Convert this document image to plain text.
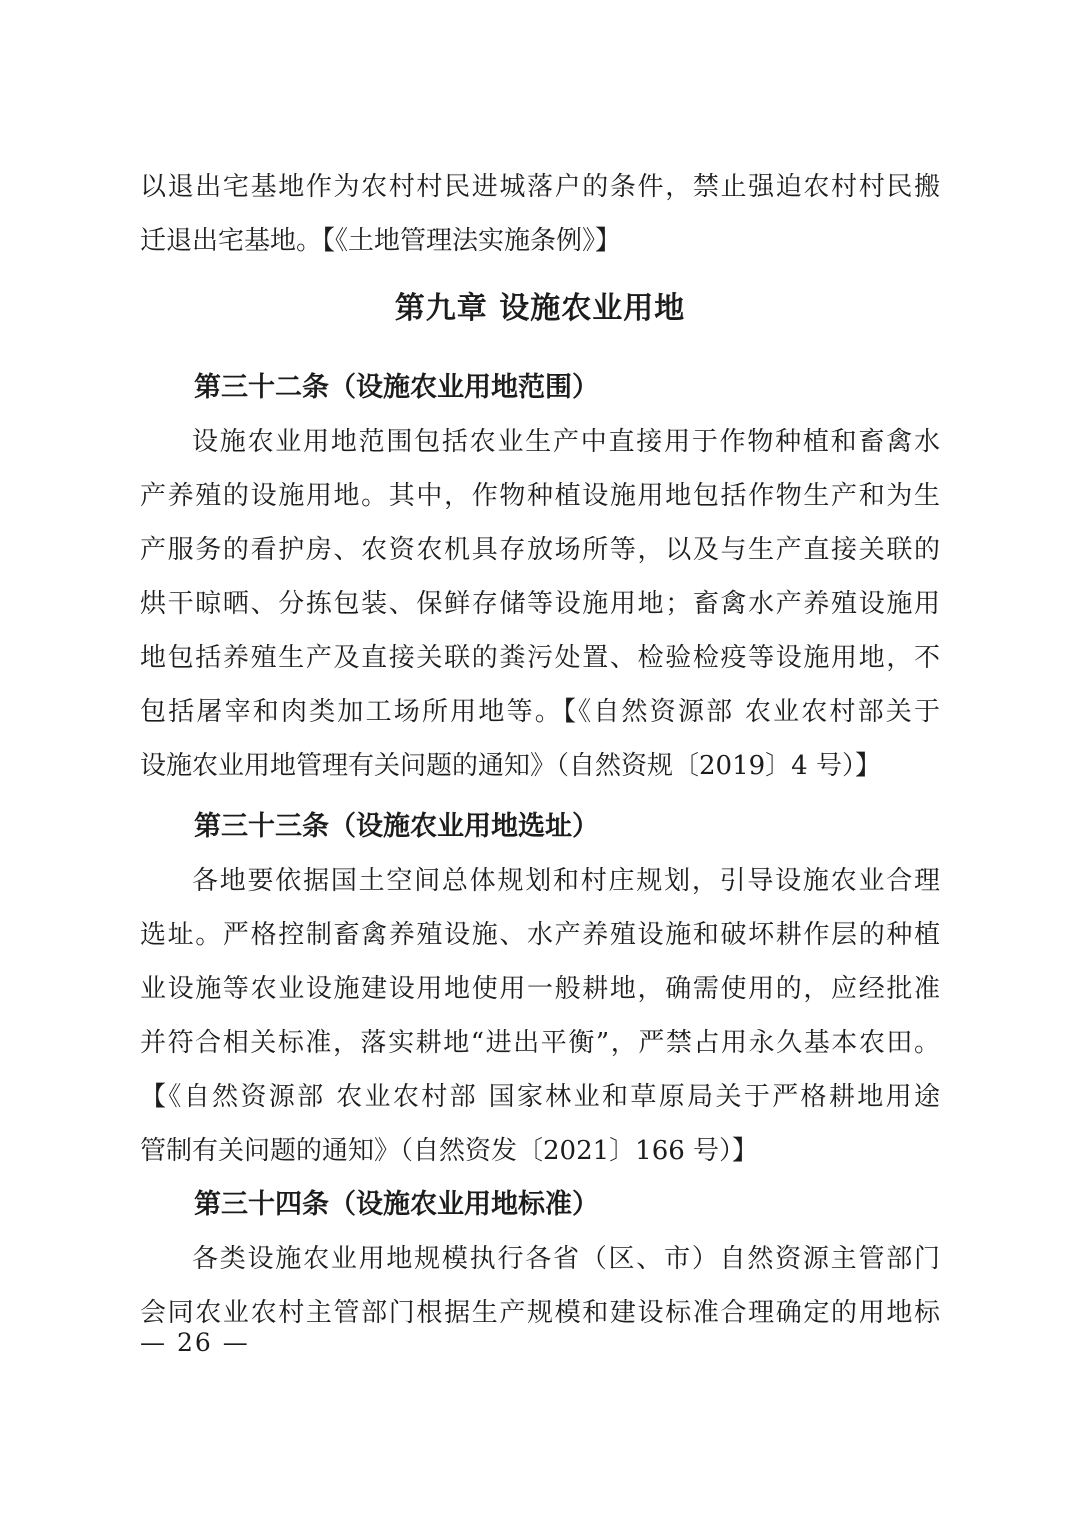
以退出宅基地作为农村村民进城落户的条件，禁止强迫农村村民搬
迁退出宅基地。【《土地管理法实施条例》】
第九章 设施农业用地
第三十二条（设施农业用地范围）
设施农业用地范围包括农业生产中直接用于作物种植和畜禽水
产养殖的设施用地。其中，作物种植设施用地包括作物生产和为生
产服务的看护房、农资农机具存放场所等，以及与生产直接关联的
烘干晾晒、分拣包装、保鲜存储等设施用地；畜禽水产养殖设施用
地包括养殖生产及直接关联的粪污处置、检验检疫等设施用地，不
包括屠宰和肉类加工场所用地等。【《自然资源部 农业农村部关于
设施农业用地管理有关问题的通知》（自然资规〔2019〕4 号）】
第三十三条（设施农业用地选址）
各地要依据国土空间总体规划和村庄规划，引导设施农业合理
选址。严格控制畜禽养殖设施、水产养殖设施和破坏耕作层的种植
业设施等农业设施建设用地使用一般耕地，确需使用的，应经批准
并符合相关标准，落实耕地“进出平衡”，严禁占用永久基本农田。
【《自然资源部 农业农村部 国家林业和草原局关于严格耕地用途
管制有关问题的通知》（自然资发〔2021〕166 号）】
第三十四条（设施农业用地标准）
各类设施农业用地规模执行各省（区、市）自然资源主管部门
会同农业农村主管部门根据生产规模和建设标准合理确定的用地标
— 26 —
